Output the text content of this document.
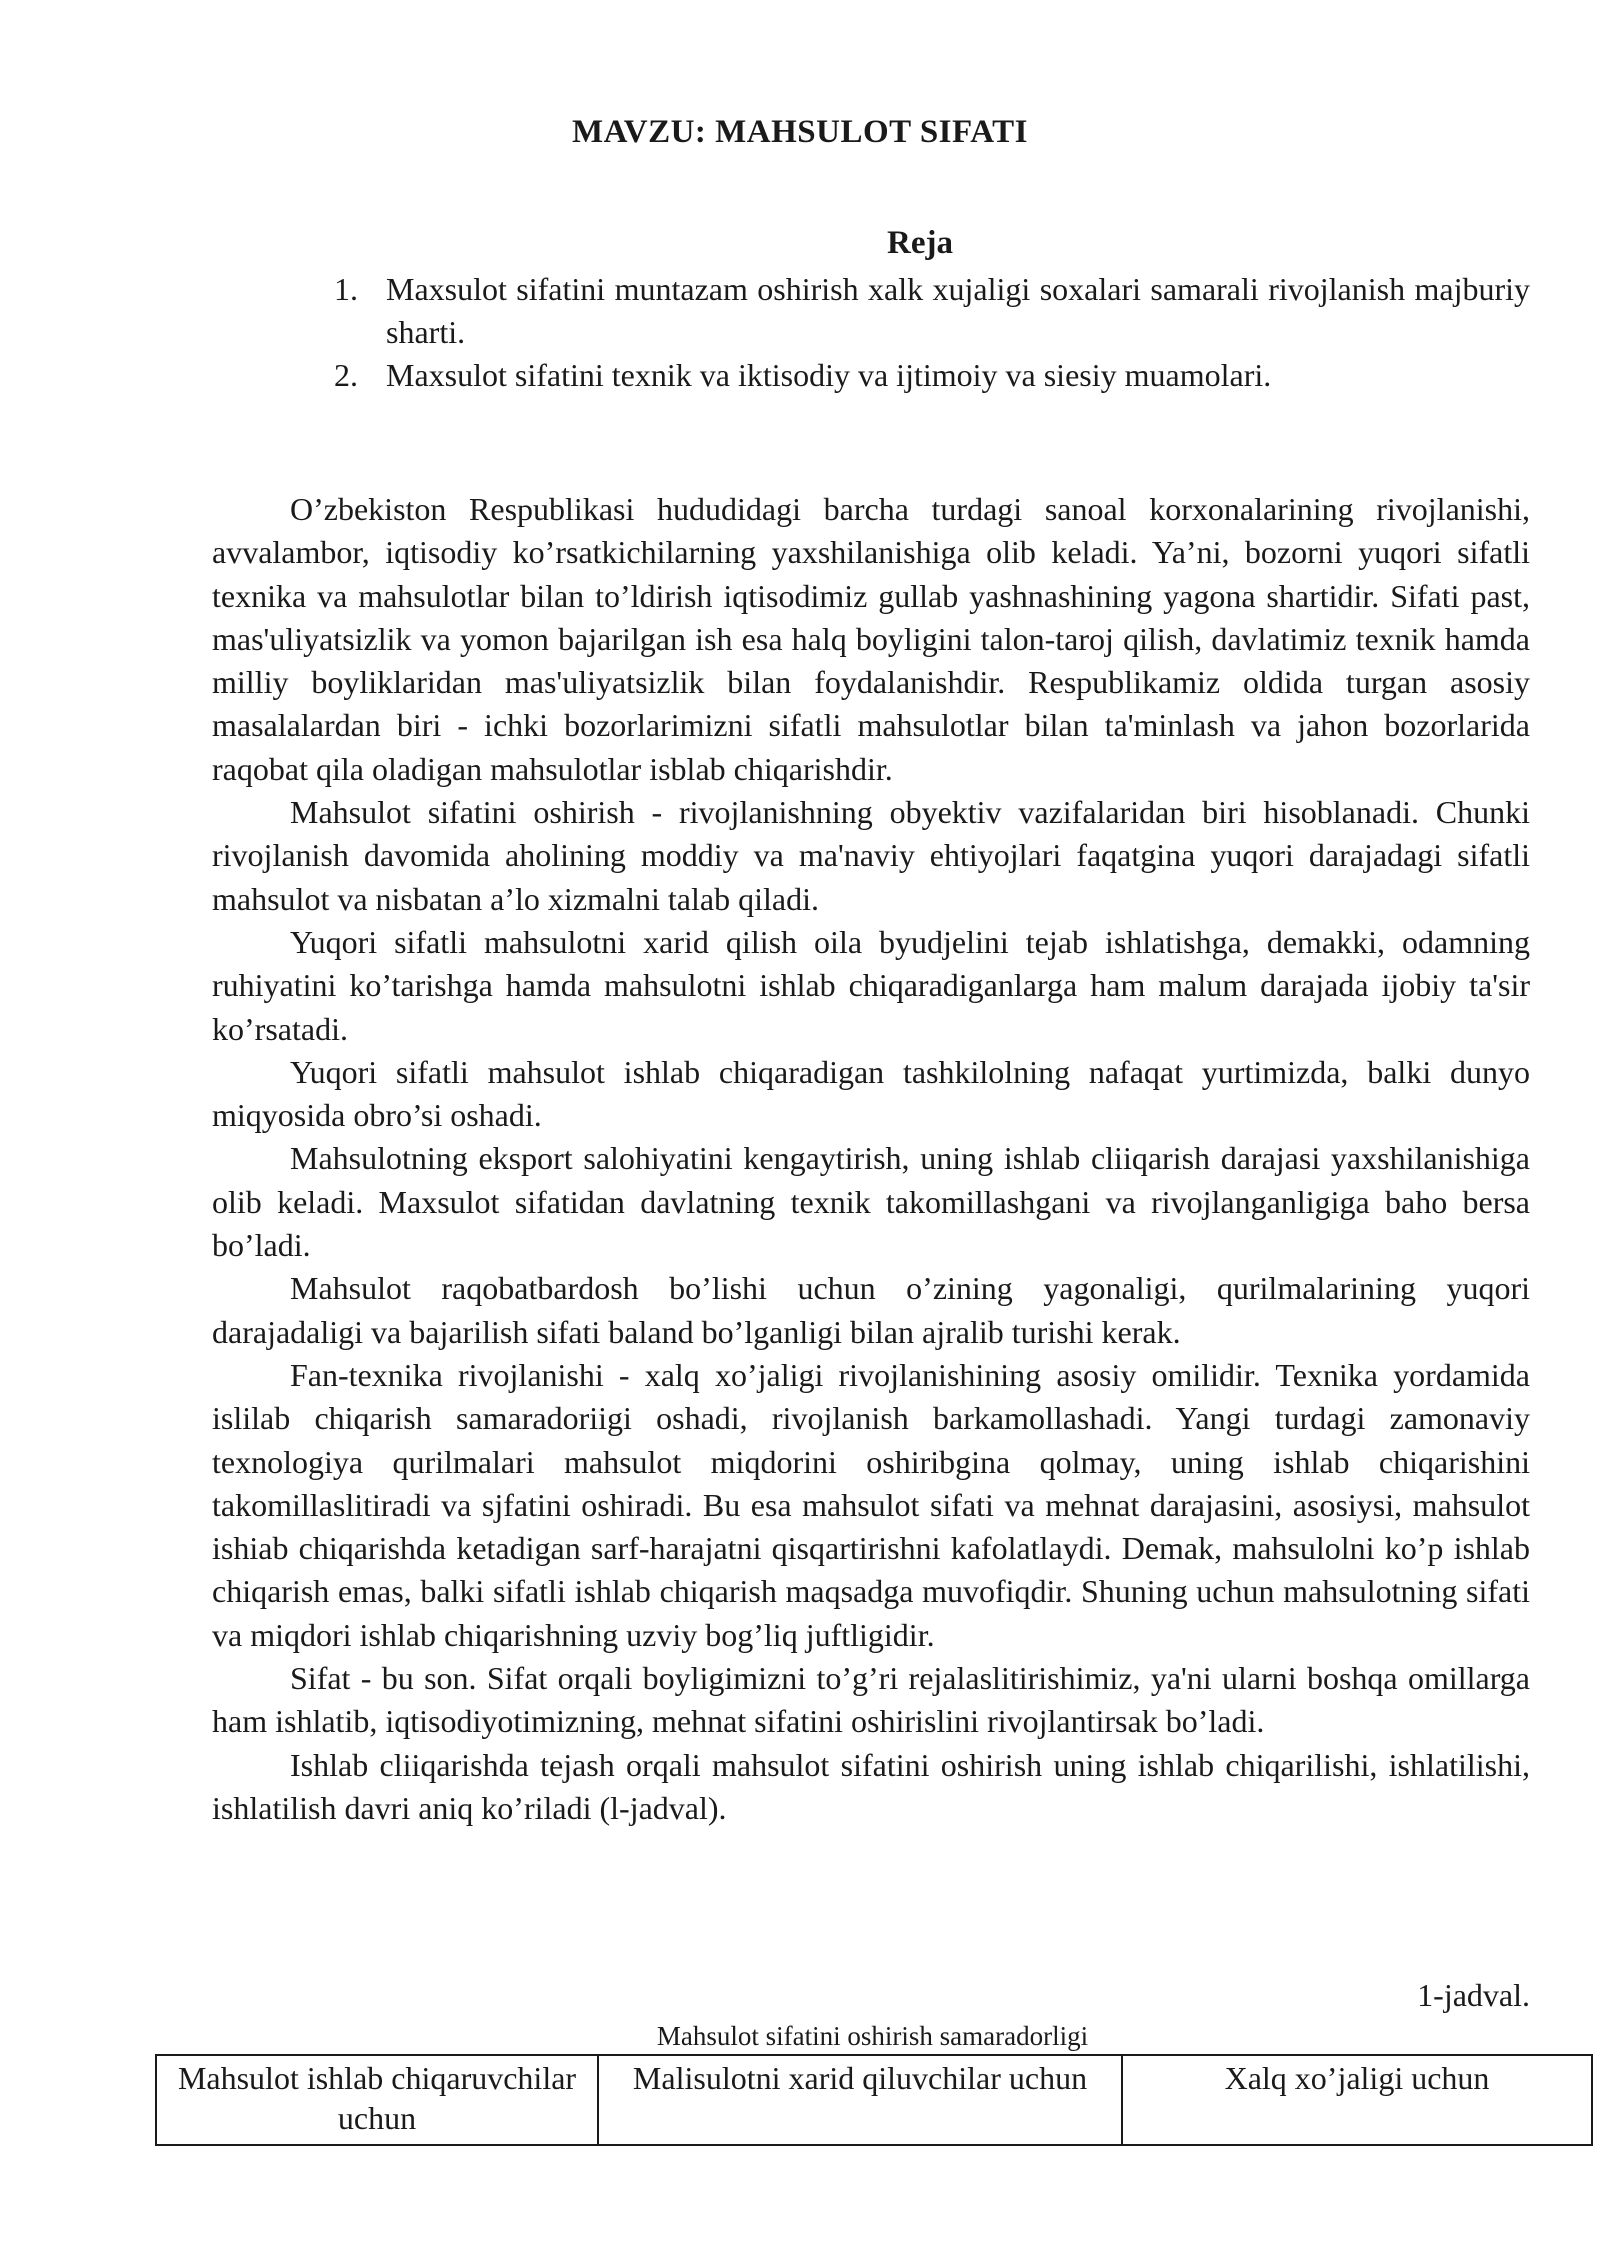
MAVZU: MAHSULOT SIFATI
Reja
1. Maxsulot sifatini muntazam oshirish xalk xujaligi soxalari samarali rivojlanish majburiy sharti.
2. Maxsulot sifatini texnik va iktisodiy va ijtimoiy va siesiy muamolari.

O’zbekiston Respublikasi hududidagi barcha turdagi sanoal korxonalarining rivojlanishi, avvalambor, iqtisodiy ko’rsatkichilarning yaxshilanishiga olib keladi. Ya’ni, bozorni yuqori sifatli texnika va mahsulotlar bilan to’ldirish iqtisodimiz gullab yashnashining yagona shartidir. Sifati past, mas'uliyatsizlik va yomon bajarilgan ish esa halq boyligini talon-taroj qilish, davlatimiz texnik hamda milliy boyliklaridan mas'uliyatsizlik bilan foydalanishdir. Respublikamiz oldida turgan asosiy masalalardan biri - ichki bozorlarimizni sifatli mahsulotlar bilan ta'minlash va jahon bozorlarida raqobat qila oladigan mahsulotlar isblab chiqarishdir.

Mahsulot sifatini oshirish - rivojlanishning obyektiv vazifalaridan biri hisoblanadi. Chunki rivojlanish davomida aholining moddiy va ma'naviy ehtiyojlari faqatgina yuqori darajadagi sifatli mahsulot va nisbatan a’lo xizmalni talab qiladi.

Yuqori sifatli mahsulotni xarid qilish oila byudjelini tejab ishlatishga, demakki, odamning ruhiyatini ko’tarishga hamda mahsulotni ishlab chiqaradiganlarga ham malum darajada ijobiy ta'sir ko’rsatadi.

Yuqori sifatli mahsulot ishlab chiqaradigan tashkilolning nafaqat yurtimizda, balki dunyo miqyosida obro’si oshadi.

Mahsulotning eksport salohiyatini kengaytirish, uning ishlab cliiqarish darajasi yaxshilanishiga olib keladi. Maxsulot sifatidan davlatning texnik takomillashgani va rivojlanganligiga baho bersa bo’ladi.

Mahsulot raqobatbardosh bo’lishi uchun o’zining yagonaligi, qurilmalarining yuqori darajadaligi va bajarilish sifati baland bo’lganligi bilan ajralib turishi kerak.

Fan-texnika rivojlanishi - xalq xo’jaligi rivojlanishining asosiy omilidir. Texnika yordamida islilab chiqarish samaradoriigi oshadi, rivojlanish barkamollashadi. Yangi turdagi zamonaviy texnologiya qurilmalari mahsulot miqdorini oshiribgina qolmay, uning ishlab chiqarishini takomillaslitiradi va sjfatini oshiradi. Bu esa mahsulot sifati va mehnat darajasini, asosiysi, mahsulot ishiab chiqarishda ketadigan sarf-harajatni qisqartirishni kafolatlaydi. Demak, mahsulolni ko’p ishlab chiqarish emas, balki sifatli ishlab chiqarish maqsadga muvofiqdir. Shuning uchun mahsulotning sifati va miqdori ishlab chiqarishning uzviy bog’liq juftligidir.

Sifat - bu son. Sifat orqali boyligimizni to’g’ri rejalaslitirishimiz, ya'ni ularni boshqa omillarga ham ishlatib, iqtisodiyotimizning, mehnat sifatini oshirislini rivojlantirsak bo’ladi.

Ishlab cliiqarishda tejash orqali mahsulot sifatini oshirish uning ishlab chiqarilishi, ishlatilishi, ishlatilish davri aniq ko’riladi (l-jadval).

1-jadval.

Mahsulot sifatini oshirish samaradorligi

Mahsulot ishlab chiqaruvchilar uchun	Malisulotni xarid qiluvchilar uchun	Xalq xo’jaligi uchun
